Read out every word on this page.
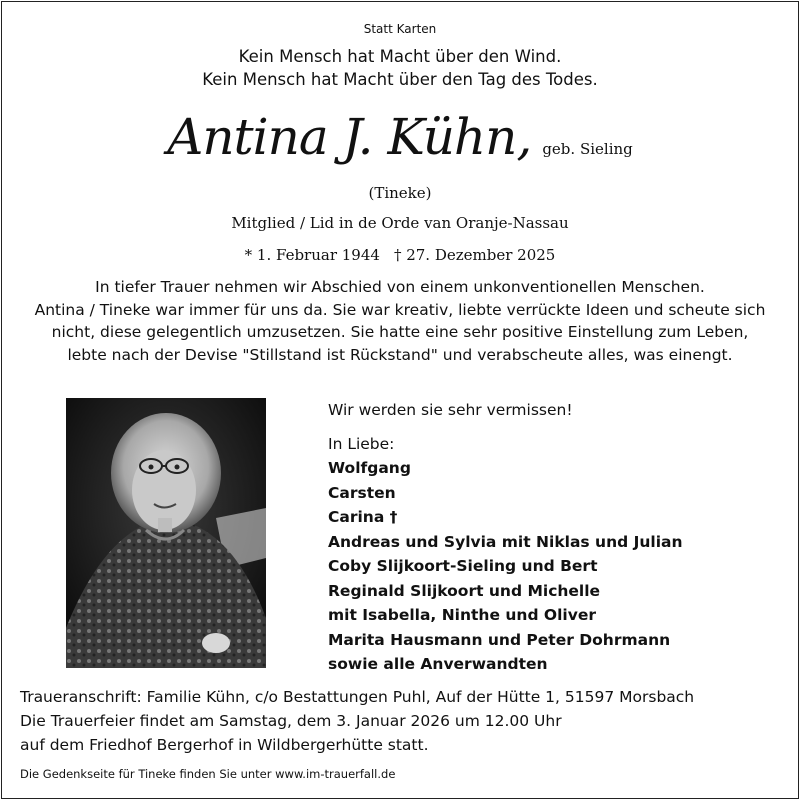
Statt Karten
Kein Mensch hat Macht über den Wind.
Kein Mensch hat Macht über den Tag des Todes.
Antina J. Kühn, geb. Sieling
(Tineke)
Mitglied / Lid in de Orde van Oranje-Nassau
* 1. Februar 1944 † 27. Dezember 2025
In tiefer Trauer nehmen wir Abschied von einem unkonventionellen Menschen.
Antina / Tineke war immer für uns da. Sie war kreativ, liebte verrückte Ideen und scheute sich
nicht, diese gelegentlich umzusetzen. Sie hatte eine sehr positive Einstellung zum Leben,
lebte nach der Devise "Stillstand ist Rückstand" und verabscheute alles, was einengt.
Wir werden sie sehr vermissen!
In Liebe:
Wolfgang
Carsten
Carina †
Andreas und Sylvia mit Niklas und Julian
Coby Slijkoort-Sieling und Bert
Reginald Slijkoort und Michelle
mit Isabella, Ninthe und Oliver
Marita Hausmann und Peter Dohrmann
sowie alle Anverwandten
Traueranschrift: Familie Kühn, c/o Bestattungen Puhl, Auf der Hütte 1, 51597 Morsbach
Die Trauerfeier findet am Samstag, dem 3. Januar 2026 um 12.00 Uhr
auf dem Friedhof Bergerhof in Wildbergerhütte statt.
Die Gedenkseite für Tineke finden Sie unter www.im-trauerfall.de
